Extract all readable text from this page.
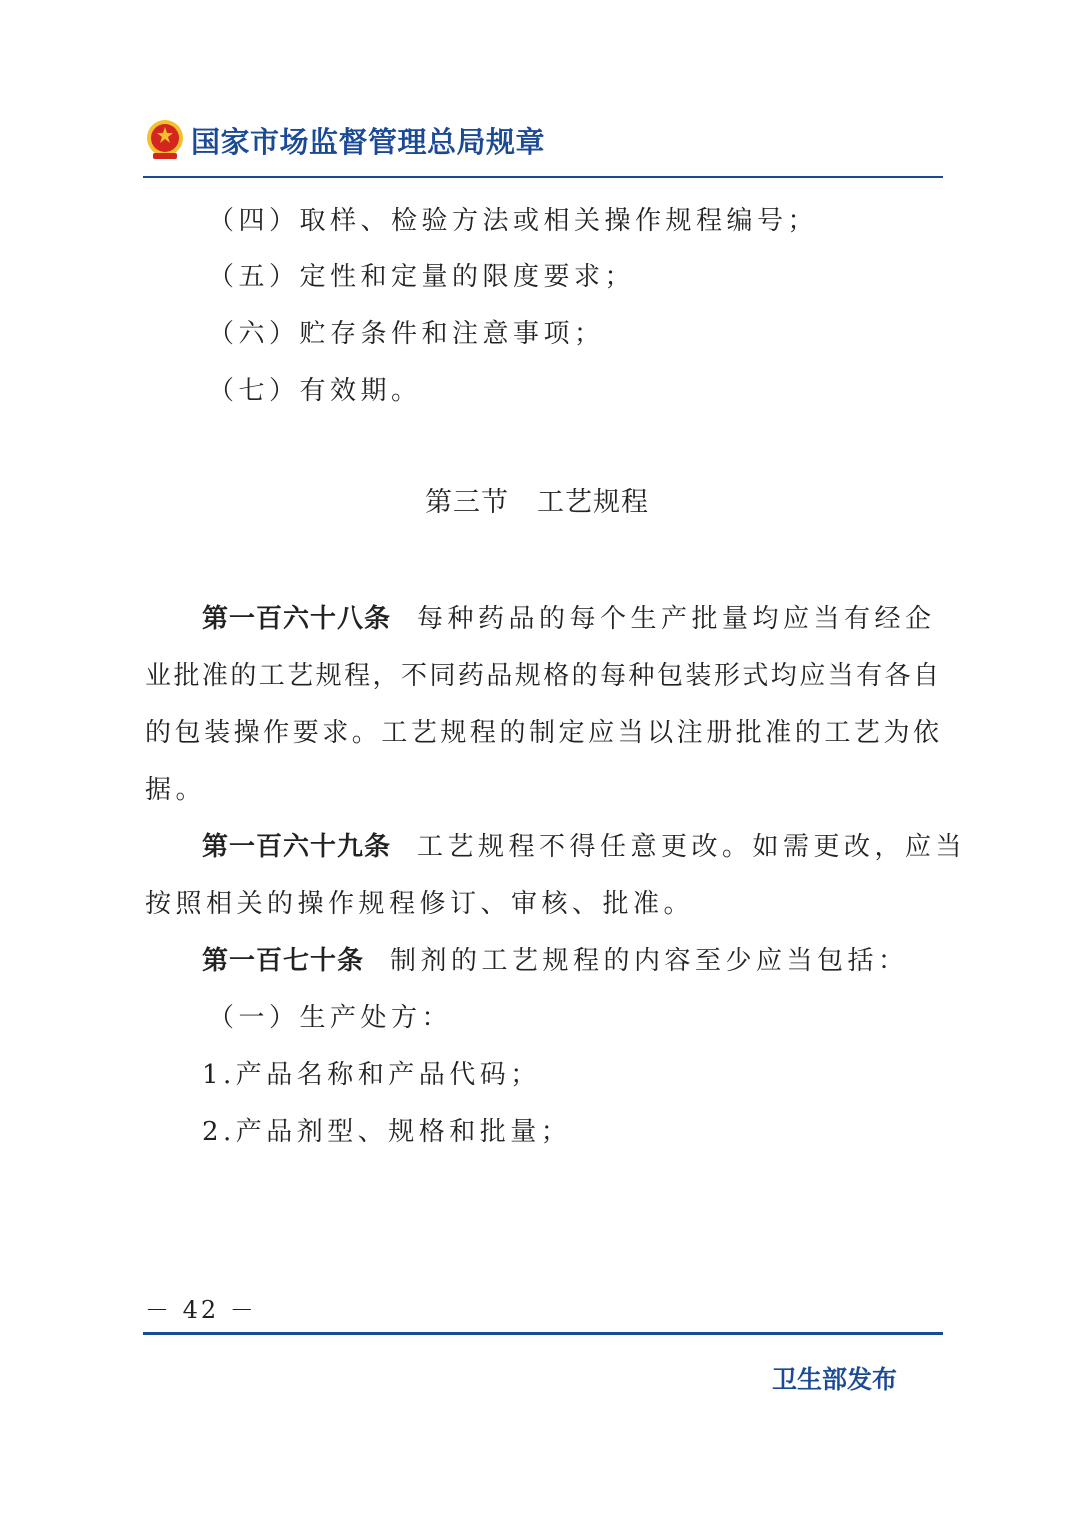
国家市场监督管理总局规章
（四）取样、检验方法或相关操作规程编号；
（五）定性和定量的限度要求；
（六）贮存条件和注意事项；
（七）有效期。
第三节　工艺规程
第一百六十八条 每种药品的每个生产批量均应当有经企
业批准的工艺规程，不同药品规格的每种包装形式均应当有各自
的包装操作要求。工艺规程的制定应当以注册批准的工艺为依
据。
第一百六十九条 工艺规程不得任意更改。如需更改，应当
按照相关的操作规程修订、审核、批准。
第一百七十条 制剂的工艺规程的内容至少应当包括：
（一）生产处方：
1.产品名称和产品代码；
2.产品剂型、规格和批量；
－ 42 －
卫生部发布
